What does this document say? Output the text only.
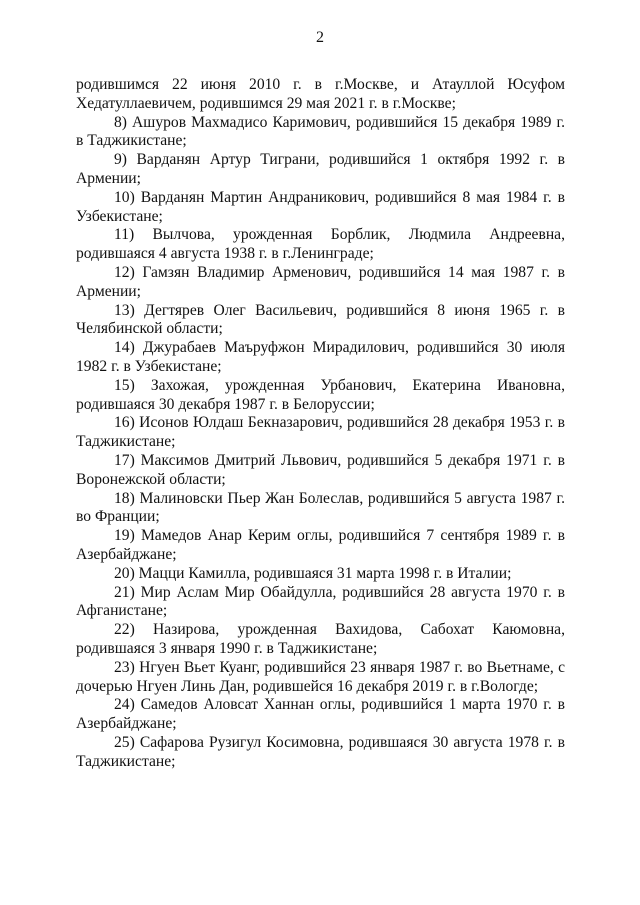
2

родившимся 22 июня 2010 г. в г.Москве, и Атауллой Юсуфом Хедатуллаевичем, родившимся 29 мая 2021 г. в г.Москве;

8) Ашуров Махмадисо Каримович, родившийся 15 декабря 1989 г. в Таджикистане;

9) Варданян Артур Тиграни, родившийся 1 октября 1992 г. в Армении;

10) Варданян Мартин Андраникович, родившийся 8 мая 1984 г. в Узбекистане;

11) Вылчова, урожденная Борблик, Людмила Андреевна, родившаяся 4 августа 1938 г. в г.Ленинграде;

12) Гамзян Владимир Арменович, родившийся 14 мая 1987 г. в Армении;

13) Дегтярев Олег Васильевич, родившийся 8 июня 1965 г. в Челябинской области;

14) Джурабаев Маъруфжон Мирадилович, родившийся 30 июля 1982 г. в Узбекистане;

15) Захожая, урожденная Урбанович, Екатерина Ивановна, родившаяся 30 декабря 1987 г. в Белоруссии;

16) Исонов Юлдаш Бекназарович, родившийся 28 декабря 1953 г. в Таджикистане;

17) Максимов Дмитрий Львович, родившийся 5 декабря 1971 г. в Воронежской области;

18) Малиновски Пьер Жан Болеслав, родившийся 5 августа 1987 г. во Франции;

19) Мамедов Анар Керим оглы, родившийся 7 сентября 1989 г. в Азербайджане;

20) Мацци Камилла, родившаяся 31 марта 1998 г. в Италии;

21) Мир Аслам Мир Обайдулла, родившийся 28 августа 1970 г. в Афганистане;

22) Назирова, урожденная Вахидова, Сабохат Каюмовна, родившаяся 3 января 1990 г. в Таджикистане;

23) Нгуен Вьет Куанг, родившийся 23 января 1987 г. во Вьетнаме, с дочерью Нгуен Линь Дан, родившейся 16 декабря 2019 г. в г.Вологде;

24) Самедов Аловсат Ханнан оглы, родившийся 1 марта 1970 г. в Азербайджане;

25) Сафарова Рузигул Косимовна, родившаяся 30 августа 1978 г. в Таджикистане;
